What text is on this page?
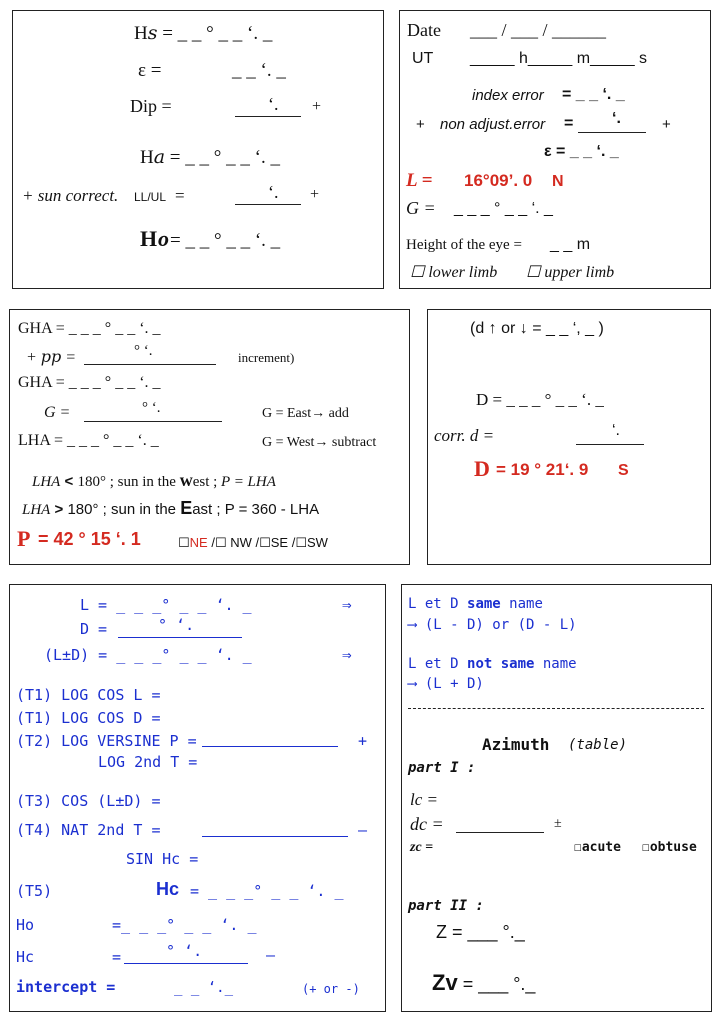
H𝑠 = _ _ ° _ _ ‘. _
ε =	_ _ ‘. _
Dip =	‘. +
H𝑎 = _ _ ° _ _ ‘. _
+ sun correct. LL/UL =	‘. +
H o = _ _ ° _ _ ‘. _
Date ___ / ___ / ______
UT _____ h_____ m_____ s
index error = _ _ ‘. _
+ non adjust.error = ‘.	+
ε = _ _ ‘. _
L = 16°09’. 0 N
G = _ _ _ ° _ _ ‘. _
Height of the eye = _ _ m
☐ lower limb ☐ upper limb
GHA = _ _ _ ° _ _ ‘. _
+ 𝑝𝑝 =	° ‘.	increment)
GHA = _ _ _ ° _ _ ‘. _
G =	° ‘.	G = East→ add
LHA = _ _ _ ° _ _ ‘. _	G = West→ subtract
LHA < 180° ; sun in the west ; P = LHA
LHA > 180° ; sun in the East ; P = 360 - LHA
P = 42 ° 15 ‘. 1	☐NE /☐ NW /☐SE /☐SW
(d ↑ or ↓ = _ _ ‘, _ )
D = _ _ _ ° _ _ ‘. _
corr. d =	‘.
D = 19 ° 21‘. 9 S
L = _ _ _° _ _ ‘. _	⇒
D =	° ‘.
(L±D) = _ _ _° _ _ ‘. _	⇒
(T1) LOG COS L =
(T1) LOG COS D =
(T2) LOG VERSINE P =	+
LOG 2nd T =
(T3) COS (L±D) =
(T4) NAT 2nd T =	—
SIN Hc =
(T5)	Hc = _ _ _° _ _ ‘. _
Ho	=_ _ _° _ _ ‘. _
Hc	=	° ‘.	—
intercept =	_ _ ‘._	(+ or -)
L et D same name
⟶ (L - D) or (D - L)
L et D not same name
⟶ (L + D)
Azimuth (table)
part I :
lc =
dc =	±
zc =	☐acute ☐obtuse
part II :
Z = ___ °._
Zv = ___ °._
